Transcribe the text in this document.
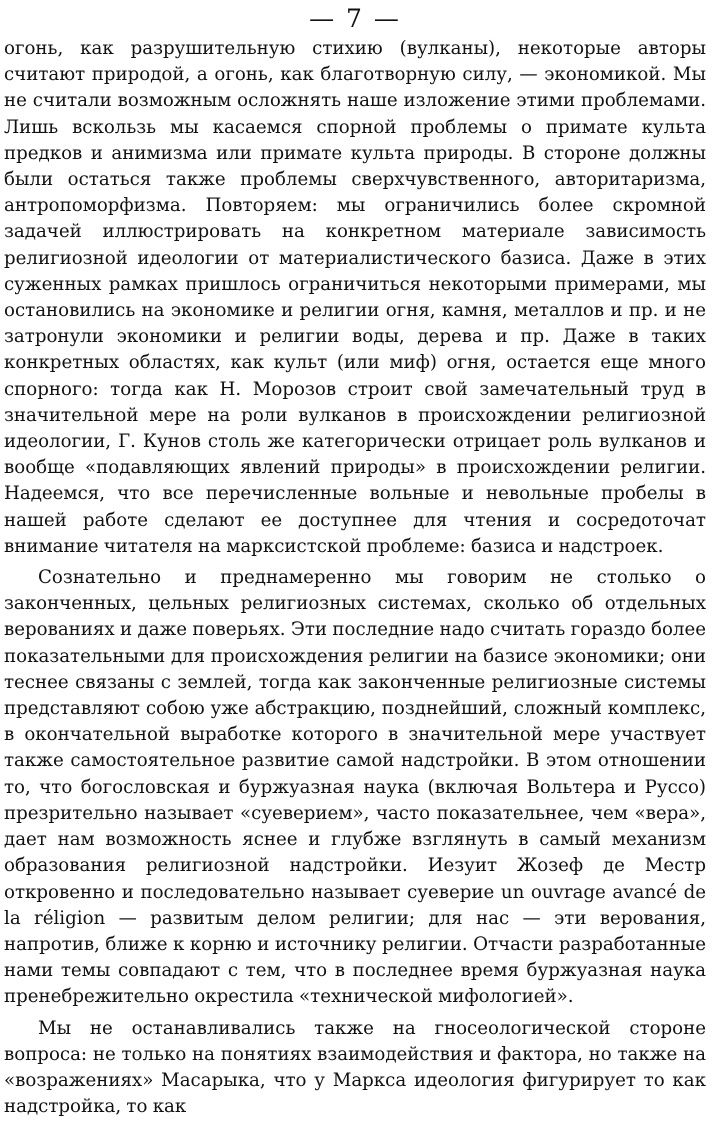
— 7 —

огонь, как разрушительную стихию (вулканы), некоторые авторы считают природой, а огонь, как благотворную силу, — экономикой. Мы не считали возможным осложнять наше изложение этими проблемами. Лишь вскользь мы касаемся спорной проблемы о примате культа предков и анимизма или примате культа природы. В стороне должны были остаться также проблемы сверхчувственного, авторитаризма, антропоморфизма. Повторяем: мы ограничились более скромной задачей иллюстрировать на конкретном материале зависимость религиозной идеологии от материалистического базиса. Даже в этих суженных рамках пришлось ограничиться некоторыми примерами, мы остановились на экономике и религии огня, камня, металлов и пр. и не затронули экономики и религии воды, дерева и пр. Даже в таких конкретных областях, как культ (или миф) огня, остается еще много спорного: тогда как Н. Морозов строит свой замечательный труд в значительной мере на роли вулканов в происхождении религиозной идеологии, Г. Кунов столь же категорически отрицает роль вулканов и вообще «подавляющих явлений природы» в происхождении религии. Надеемся, что все перечисленные вольные и невольные пробелы в нашей работе сделают ее доступнее для чтения и сосредоточат внимание читателя на марксистской проблеме: базиса и надстроек.

Сознательно и преднамеренно мы говорим не столько о законченных, цельных религиозных системах, сколько об отдельных верованиях и даже поверьях. Эти последние надо считать гораздо более показательными для происхождения религии на базисе экономики; они теснее связаны с землей, тогда как законченные религиозные системы представляют собою уже абстракцию, позднейший, сложный комплекс, в окончательной выработке которого в значительной мере участвует также самостоятельное развитие самой надстройки. В этом отношении то, что богословская и буржуазная наука (включая Вольтера и Руссо) презрительно называет «суеверием», часто показательнее, чем «вера», дает нам возможность яснее и глубже взглянуть в самый механизм образования религиозной надстройки. Иезуит Жозеф де Местр откровенно и последовательно называет суеверие un ouvrage avancé de la réligion — развитым делом религии; для нас — эти верования, напротив, ближе к корню и источнику религии. Отчасти разработанные нами темы совпадают с тем, что в последнее время буржуазная наука пренебрежительно окрестила «технической мифологией».

Мы не останавливались также на гносеологической стороне вопроса: не только на понятиях взаимодействия и фактора, но также на «возражениях» Масарыка, что у Маркса идеология фигурирует то как надстройка, то как
